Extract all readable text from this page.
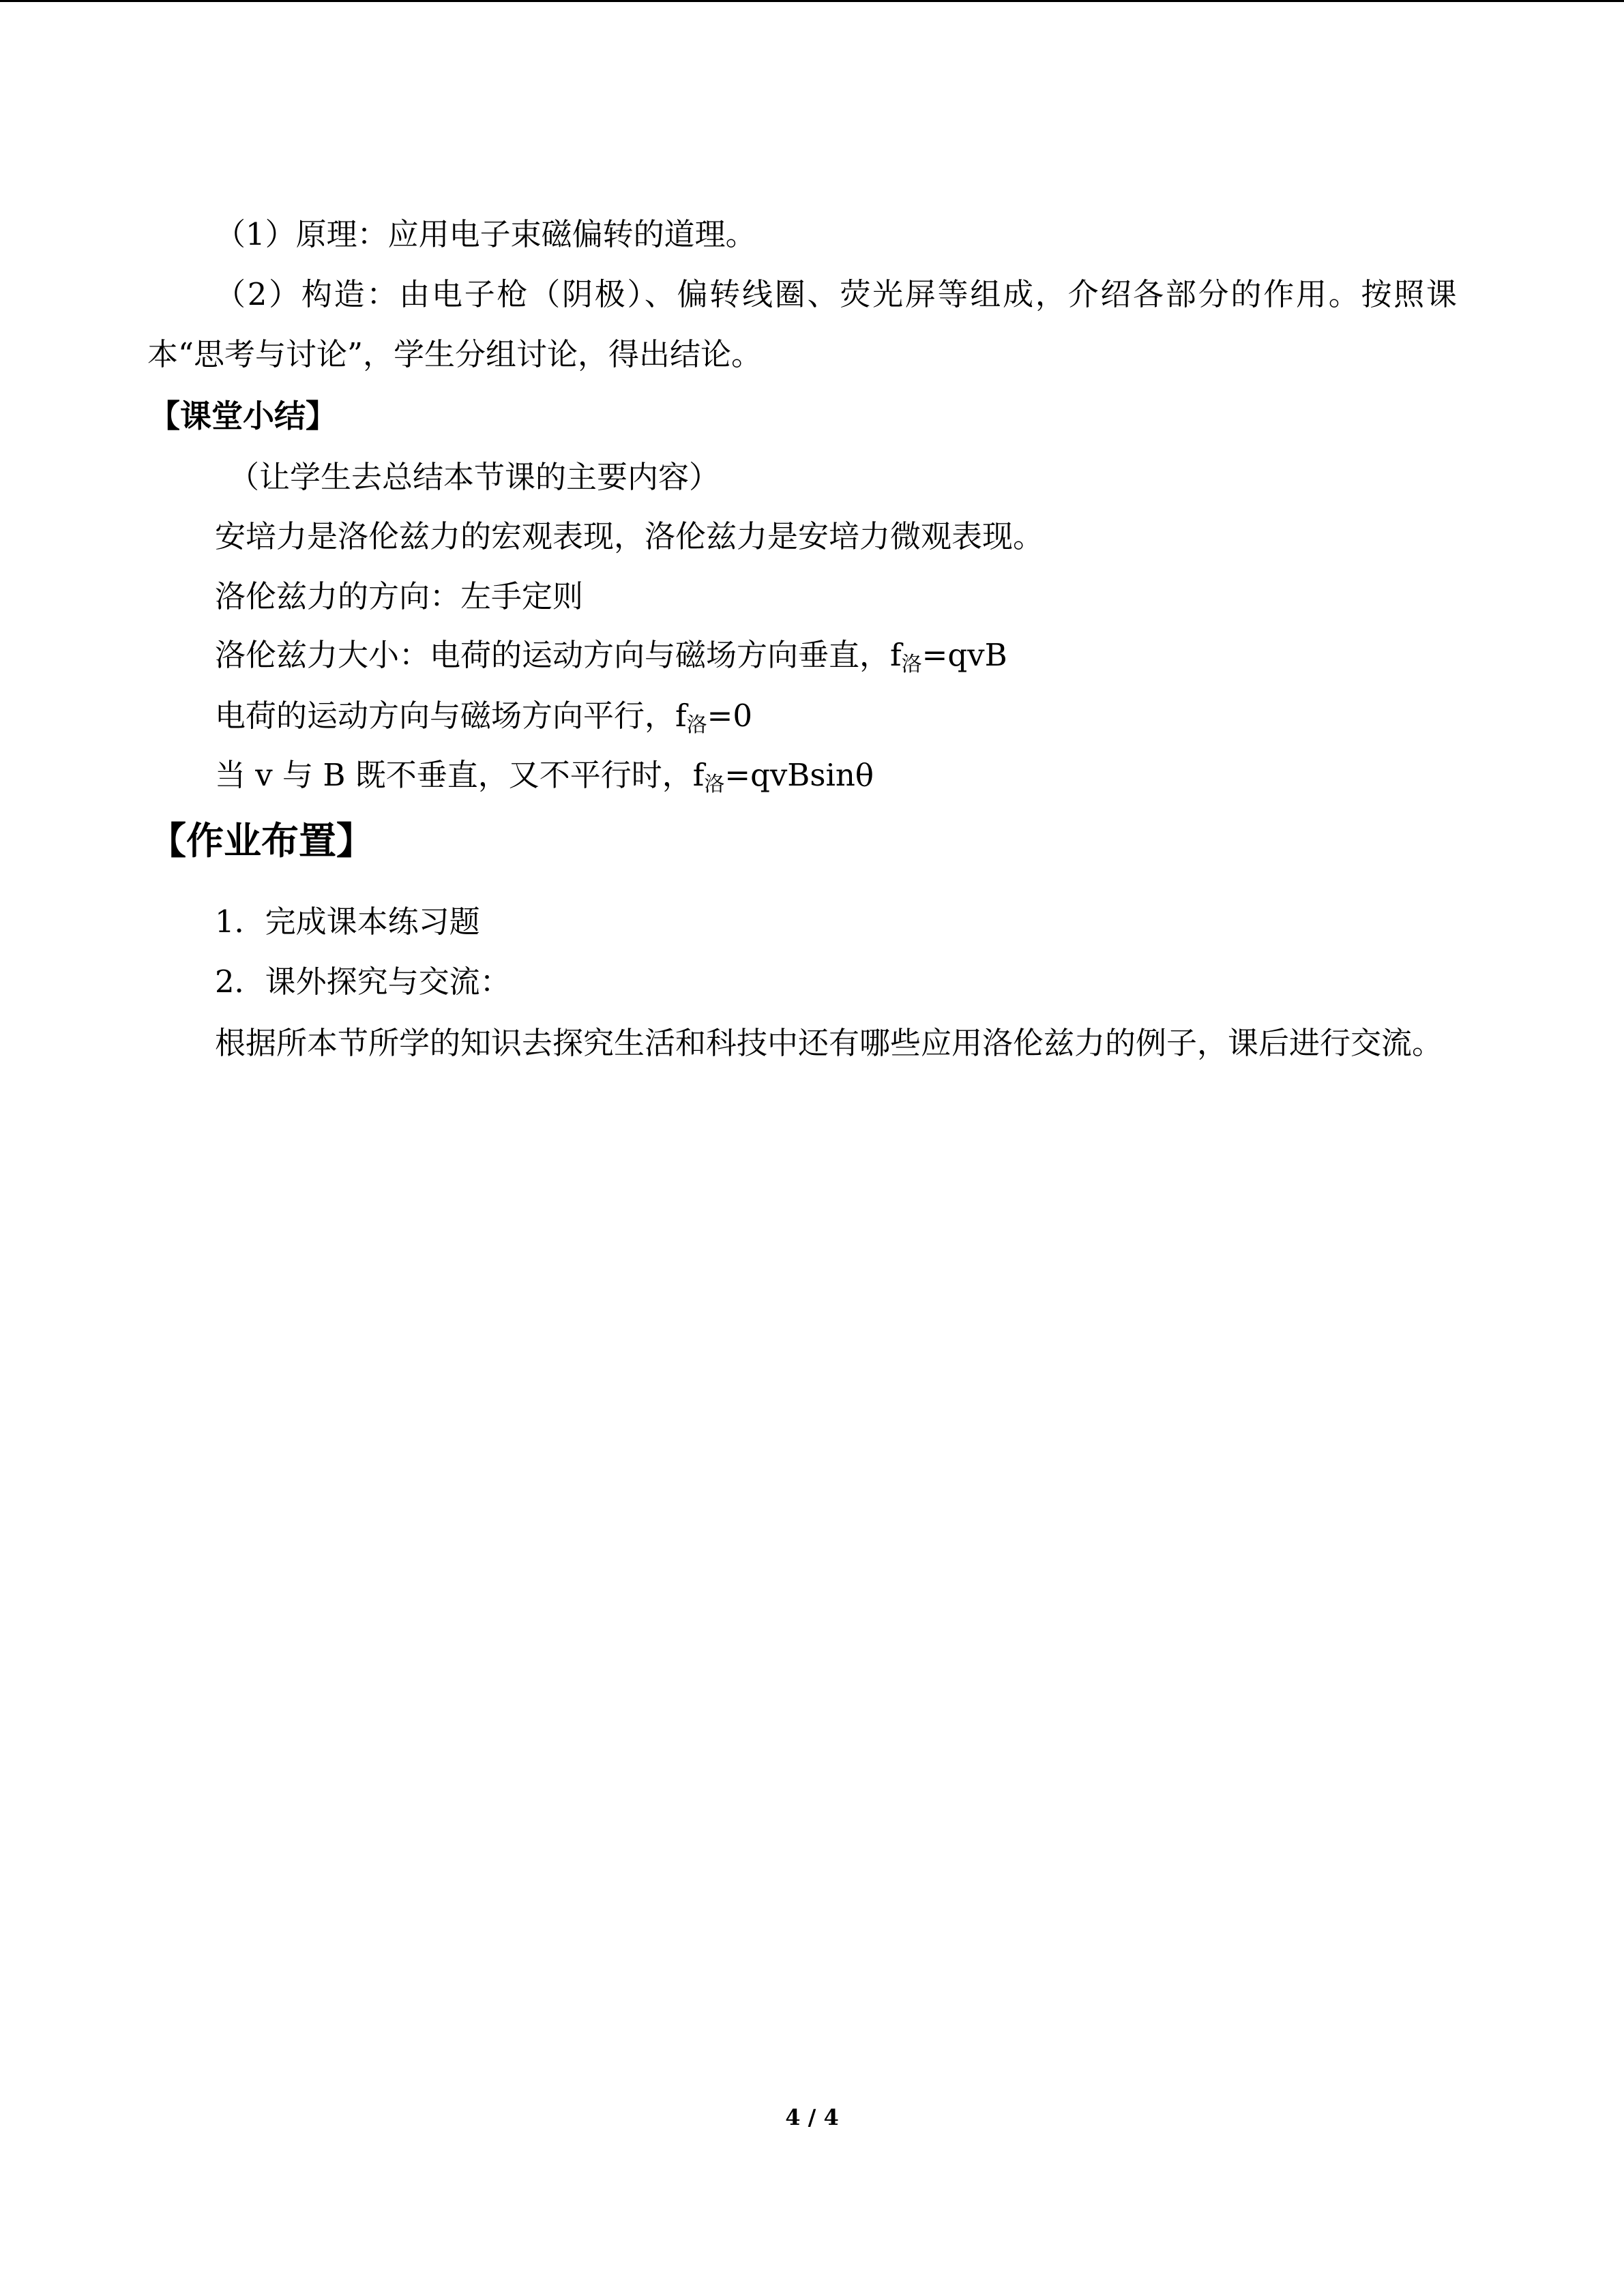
（1）原理：应用电子束磁偏转的道理。
（2）构造：由电子枪（阴极）、偏转线圈、荧光屏等组成，介绍各部分的作用。按照课本“思考与讨论”，学生分组讨论，得出结论。
【课堂小结】
（让学生去总结本节课的主要内容）
安培力是洛伦兹力的宏观表现，洛伦兹力是安培力微观表现。
洛伦兹力的方向：左手定则
洛伦兹力大小：电荷的运动方向与磁场方向垂直，$f_洛=qvB$
电荷的运动方向与磁场方向平行，$f_洛=0$
当 v 与 B 既不垂直，又不平行时，$f_洛=qvBsin\theta$
【作业布置】
1．完成课本练习题
2．课外探究与交流：
根据所本节所学的知识去探究生活和科技中还有哪些应用洛伦兹力的例子，课后进行交流。
4 / 4
